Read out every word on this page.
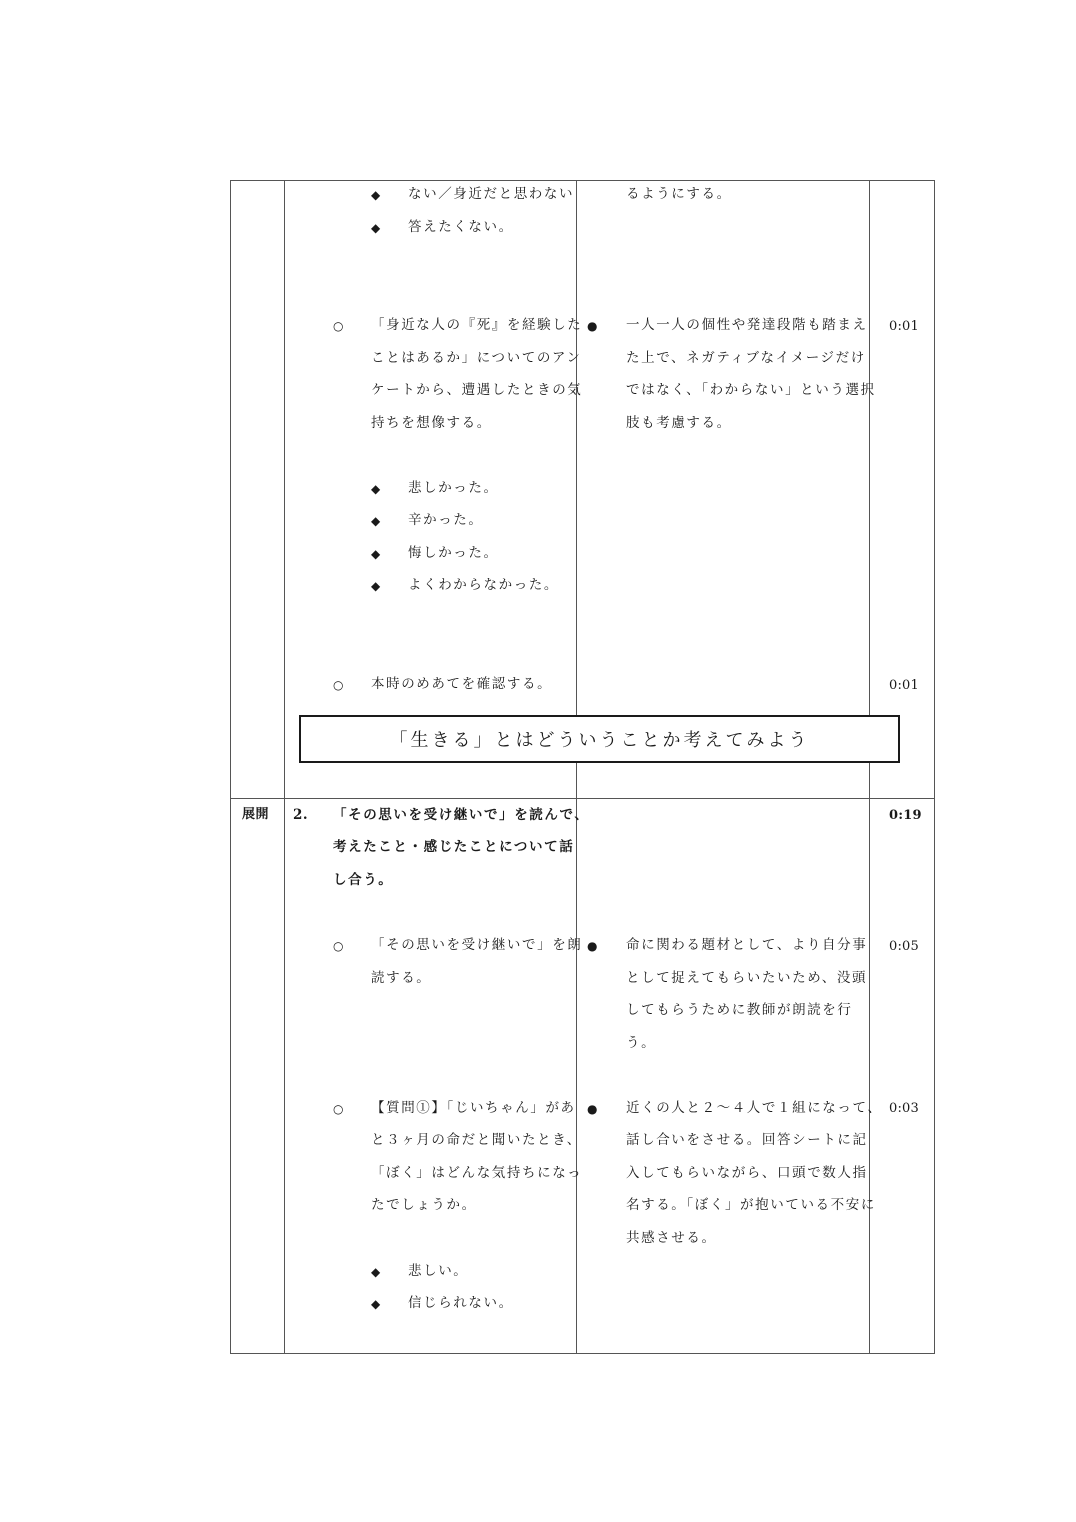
◆ ない／身近だと思わない
◆ 答えたくない。
○ 「身近な人の『死』を経験した
ことはあるか」についてのアン
ケートから、遭遇したときの気
持ちを想像する。
◆ 悲しかった。
◆ 辛かった。
◆ 悔しかった。
◆ よくわからなかった。
○ 本時のめあてを確認する。
るようにする。
● 一人一人の個性や発達段階も踏まえ
た上で、ネガティブなイメージだけ
ではなく、「わからない」という選択
肢も考慮する。
0:01
0:01
「生きる」とはどういうことか考えてみよう
展開 2. 「その思いを受け継いで」を読んで、
考えたこと・感じたことについて話
し合う。
0:19
○ 「その思いを受け継いで」を朗
読する。
○ 【質問①】「じいちゃん」があ
と３ヶ月の命だと聞いたとき、
「ぼく」はどんな気持ちになっ
たでしょうか。
◆ 悲しい。
◆ 信じられない。
● 命に関わる題材として、より自分事
として捉えてもらいたいため、没頭
してもらうために教師が朗読を行
う。
● 近くの人と２〜４人で１組になって、
話し合いをさせる。回答シートに記
入してもらいながら、口頭で数人指
名する。「ぼく」が抱いている不安に
共感させる。
0:05
0:03
